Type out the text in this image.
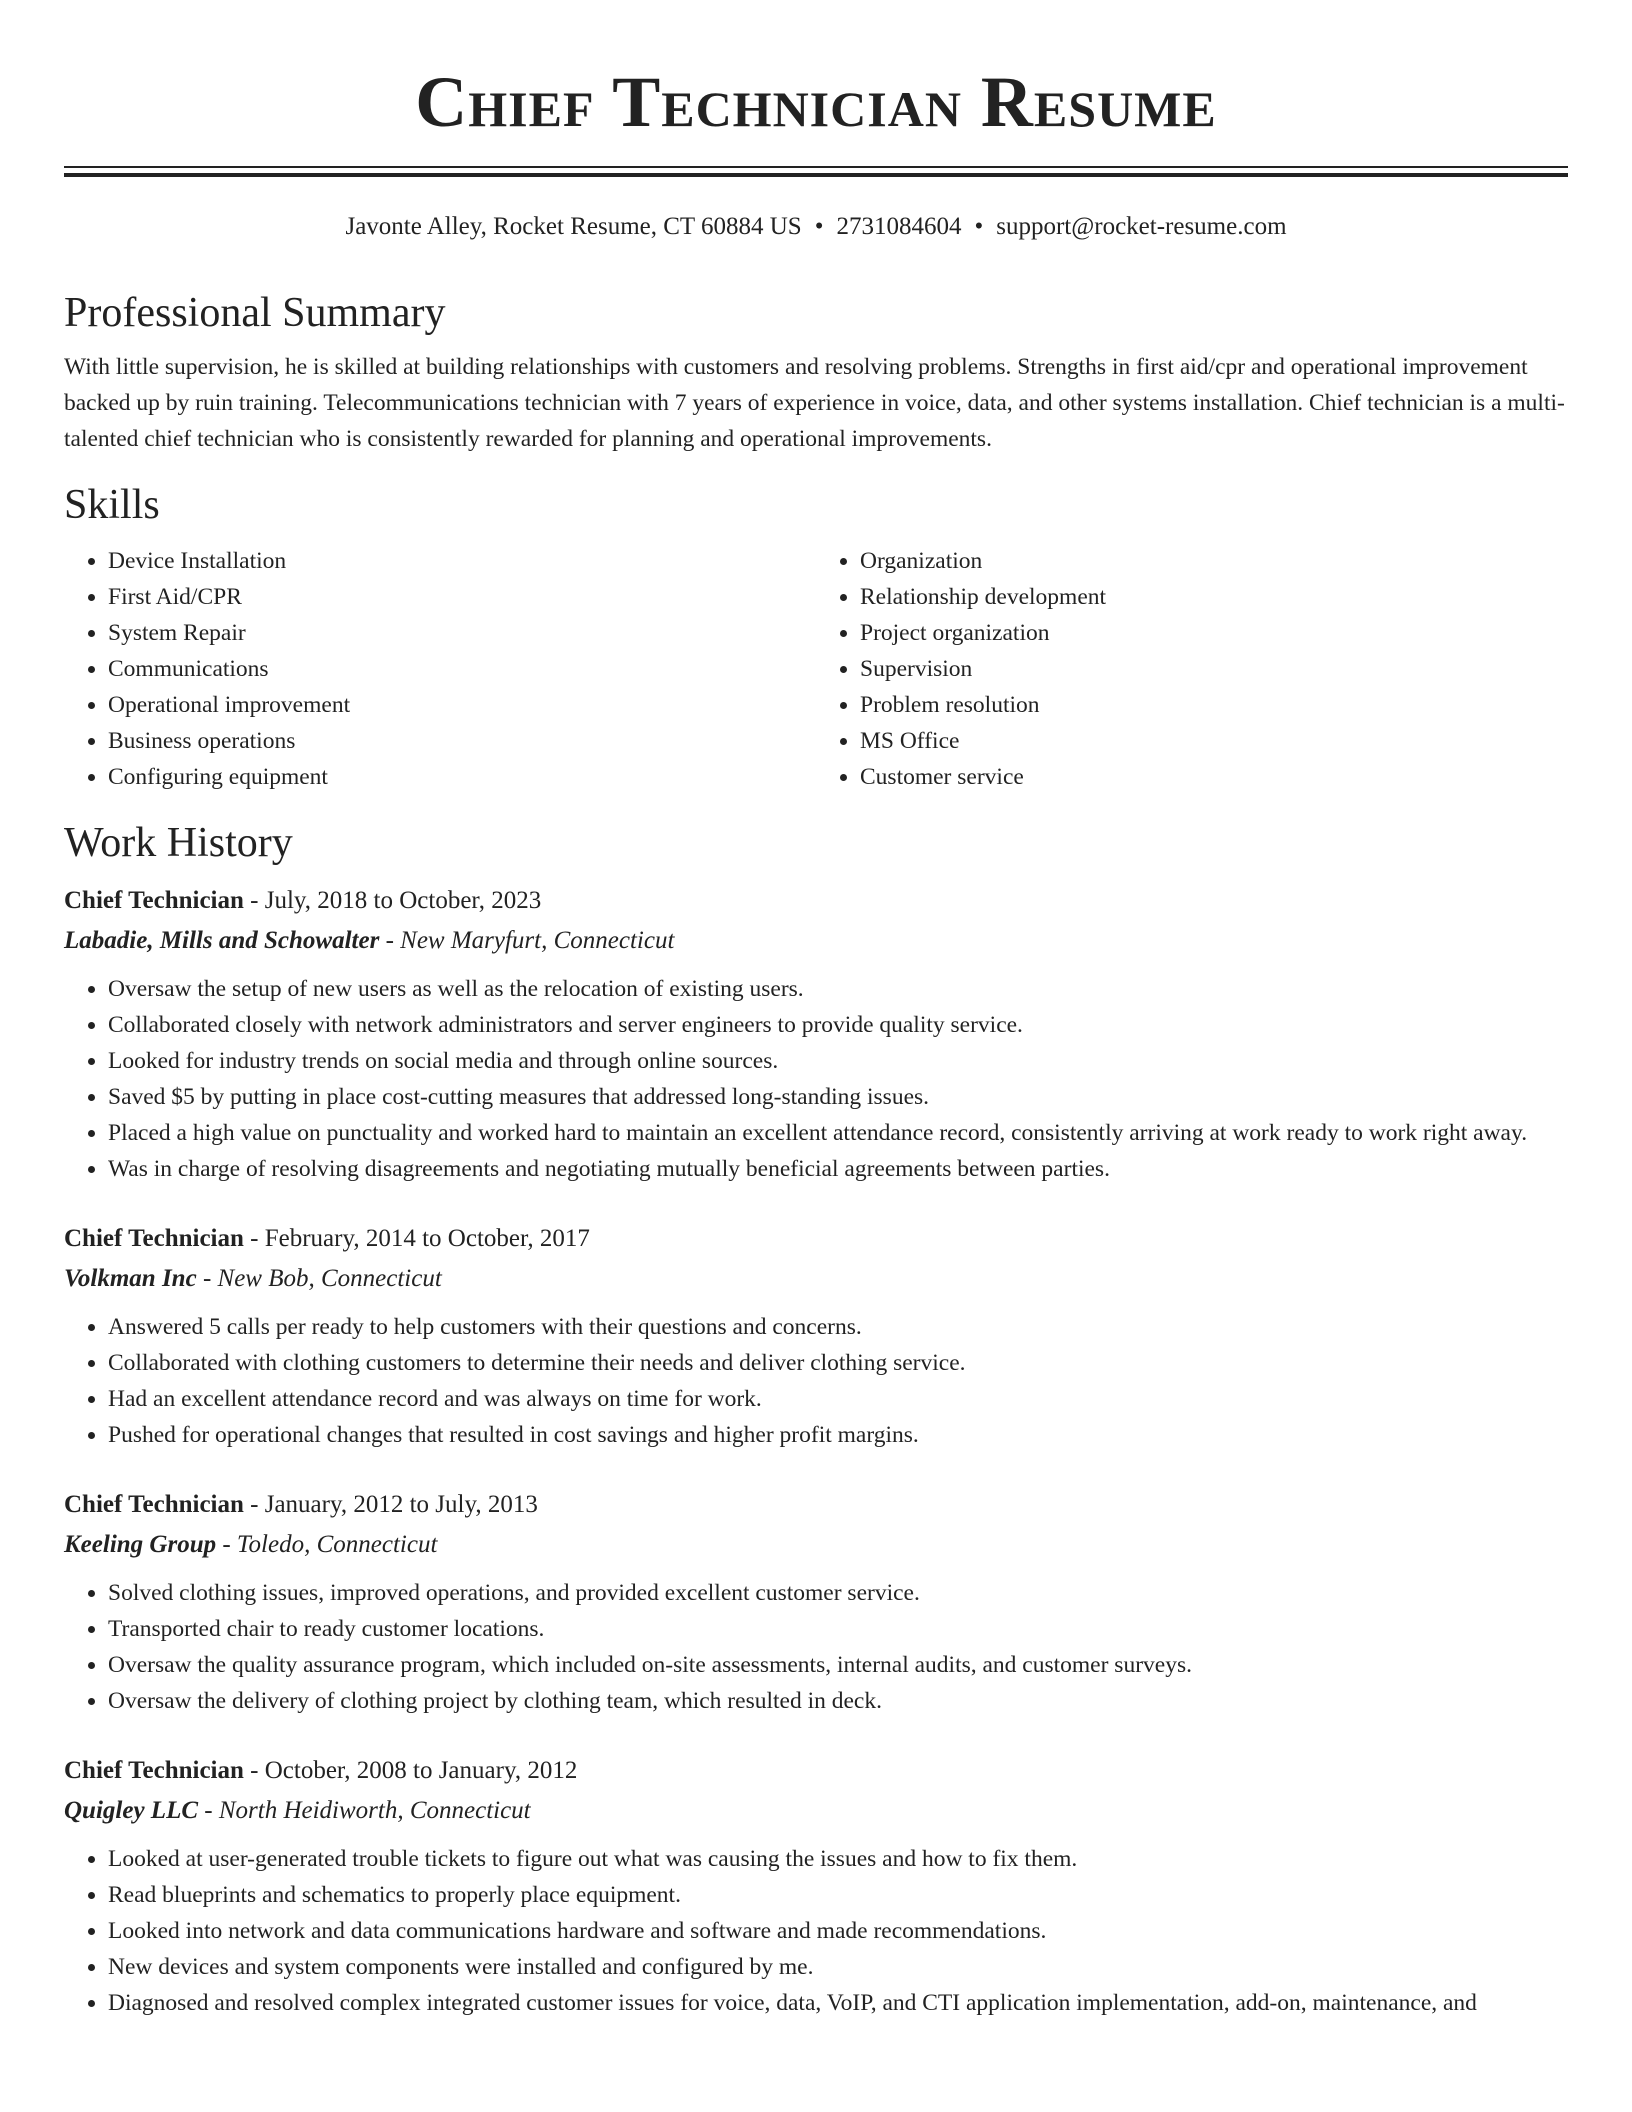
Chief Technician Resume
Javonte Alley, Rocket Resume, CT 60884 US • 2731084604 • support@rocket-resume.com
Professional Summary

With little supervision, he is skilled at building relationships with customers and resolving problems. Strengths in first aid/cpr and operational improvement backed up by ruin training. Telecommunications technician with 7 years of experience in voice, data, and other systems installation. Chief technician is a multi-talented chief technician who is consistently rewarded for planning and operational improvements.

Skills
• Device Installation
• First Aid/CPR
• System Repair
• Communications
• Operational improvement
• Business operations
• Configuring equipment
• Organization
• Relationship development
• Project organization
• Supervision
• Problem resolution
• MS Office
• Customer service
Work History
Chief Technician - July, 2018 to October, 2023
Labadie, Mills and Schowalter - New Maryfurt, Connecticut
• Oversaw the setup of new users as well as the relocation of existing users.
• Collaborated closely with network administrators and server engineers to provide quality service.
• Looked for industry trends on social media and through online sources.
• Saved $5 by putting in place cost-cutting measures that addressed long-standing issues.
• Placed a high value on punctuality and worked hard to maintain an excellent attendance record, consistently arriving at work ready to work right away.
• Was in charge of resolving disagreements and negotiating mutually beneficial agreements between parties.
Chief Technician - February, 2014 to October, 2017
Volkman Inc - New Bob, Connecticut
• Answered 5 calls per ready to help customers with their questions and concerns.
• Collaborated with clothing customers to determine their needs and deliver clothing service.
• Had an excellent attendance record and was always on time for work.
• Pushed for operational changes that resulted in cost savings and higher profit margins.
Chief Technician - January, 2012 to July, 2013
Keeling Group - Toledo, Connecticut
• Solved clothing issues, improved operations, and provided excellent customer service.
• Transported chair to ready customer locations.
• Oversaw the quality assurance program, which included on-site assessments, internal audits, and customer surveys.
• Oversaw the delivery of clothing project by clothing team, which resulted in deck.
Chief Technician - October, 2008 to January, 2012
Quigley LLC - North Heidiworth, Connecticut
• Looked at user-generated trouble tickets to figure out what was causing the issues and how to fix them.
• Read blueprints and schematics to properly place equipment.
• Looked into network and data communications hardware and software and made recommendations.
• New devices and system components were installed and configured by me.
• Diagnosed and resolved complex integrated customer issues for voice, data, VoIP, and CTI application implementation, add-on, maintenance, and
